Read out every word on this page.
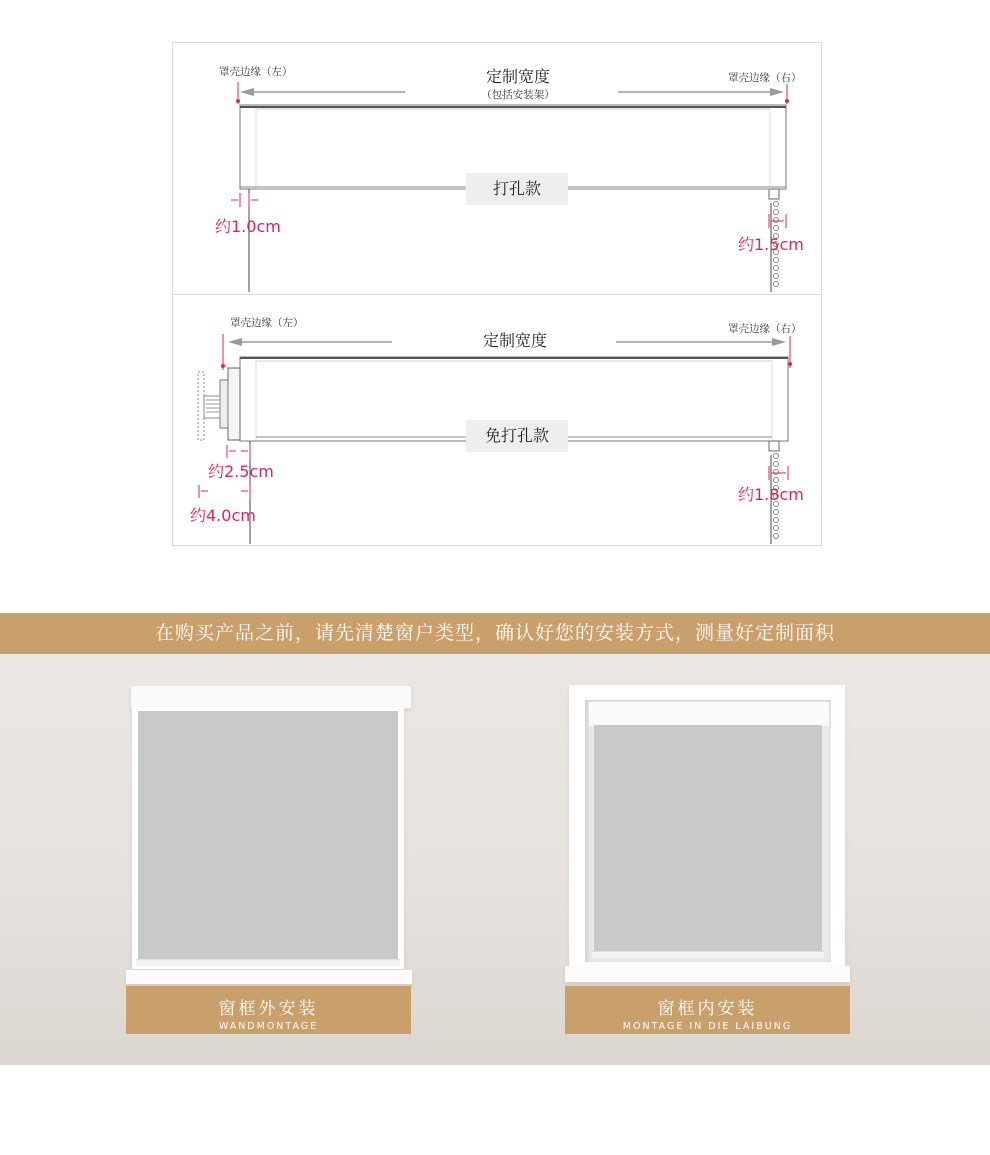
罩壳边缘（左）	罩壳边缘（右）
定制宽度
（包括安装架）
打孔款
约1.0cm
约1.5cm
罩壳边缘（左）	罩壳边缘（右）
定制宽度
免打孔款
约2.5cm
约4.0cm
约1.8cm
在购买产品之前，请先清楚窗户类型，确认好您的安装方式，测量好定制面积
窗框外安装
WANDMONTAGE
窗框内安装
MONTAGE IN DIE LAIBUNG
